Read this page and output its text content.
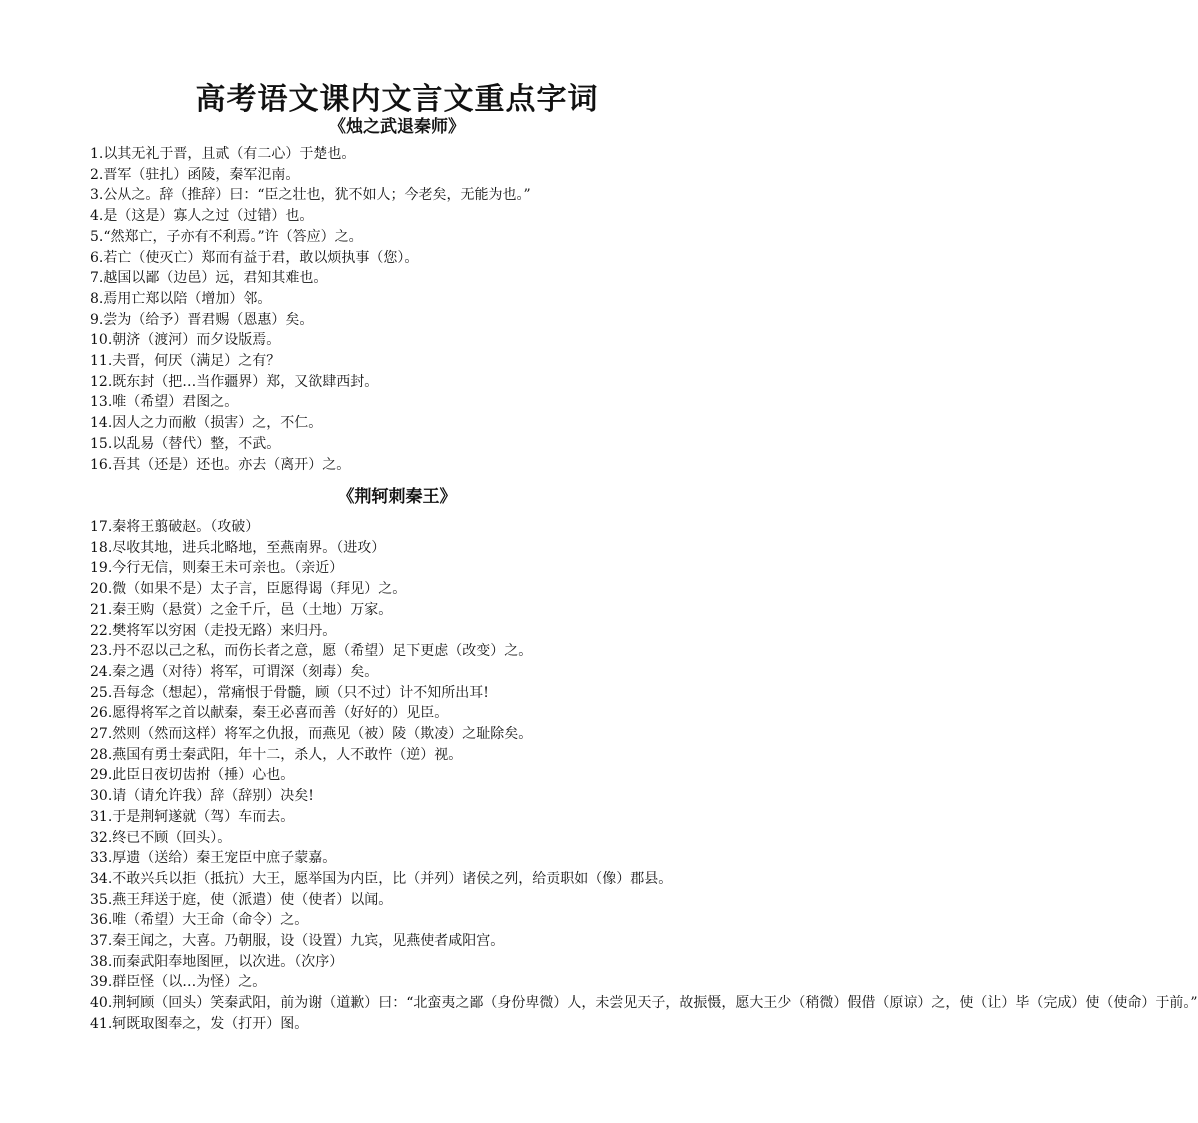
高考语文课内文言文重点字词
《烛之武退秦师》
1.以其无礼于晋，且贰（有二心）于楚也。
2.晋军（驻扎）函陵，秦军氾南。
3.公从之。辞（推辞）曰：“臣之壮也，犹不如人；今老矣，无能为也。”
4.是（这是）寡人之过（过错）也。
5.“然郑亡，子亦有不利焉。”许（答应）之。
6.若亡（使灭亡）郑而有益于君，敢以烦执事（您）。
7.越国以鄙（边邑）远，君知其难也。
8.焉用亡郑以陪（增加）邻。
9.尝为（给予）晋君赐（恩惠）矣。
10.朝济（渡河）而夕设版焉。
11.夫晋，何厌（满足）之有？
12.既东封（把…当作疆界）郑，又欲肆西封。
13.唯（希望）君图之。
14.因人之力而敝（损害）之，不仁。
15.以乱易（替代）整，不武。
16.吾其（还是）还也。亦去（离开）之。
《荆轲刺秦王》
17.秦将王翦破赵。（攻破）
18.尽收其地，进兵北略地，至燕南界。（进攻）
19.今行无信，则秦王未可亲也。（亲近）
20.微（如果不是）太子言，臣愿得谒（拜见）之。
21.秦王购（悬赏）之金千斤，邑（土地）万家。
22.樊将军以穷困（走投无路）来归丹。
23.丹不忍以己之私，而伤长者之意，愿（希望）足下更虑（改变）之。
24.秦之遇（对待）将军，可谓深（刻毒）矣。
25.吾每念（想起），常痛恨于骨髓，顾（只不过）计不知所出耳!
26.愿得将军之首以献秦，秦王必喜而善（好好的）见臣。
27.然则（然而这样）将军之仇报，而燕见（被）陵（欺凌）之耻除矣。
28.燕国有勇士秦武阳，年十二，杀人，人不敢忤（逆）视。
29.此臣日夜切齿拊（捶）心也。
30.请（请允许我）辞（辞别）决矣!
31.于是荆轲遂就（驾）车而去。
32.终已不顾（回头）。
33.厚遗（送给）秦王宠臣中庶子蒙嘉。
34.不敢兴兵以拒（抵抗）大王，愿举国为内臣，比（并列）诸侯之列，给贡职如（像）郡县。
35.燕王拜送于庭，使（派遣）使（使者）以闻。
36.唯（希望）大王命（命令）之。
37.秦王闻之，大喜。乃朝服，设（设置）九宾，见燕使者咸阳宫。
38.而秦武阳奉地图匣，以次进。（次序）
39.群臣怪（以…为怪）之。
40.荆轲顾（回头）笑秦武阳，前为谢（道歉）曰：“北蛮夷之鄙（身份卑微）人，未尝见天子，故振慑，愿大王少（稍微）假借（原谅）之，使（让）毕（完成）使（使命）于前。”
41.轲既取图奉之，发（打开）图。
